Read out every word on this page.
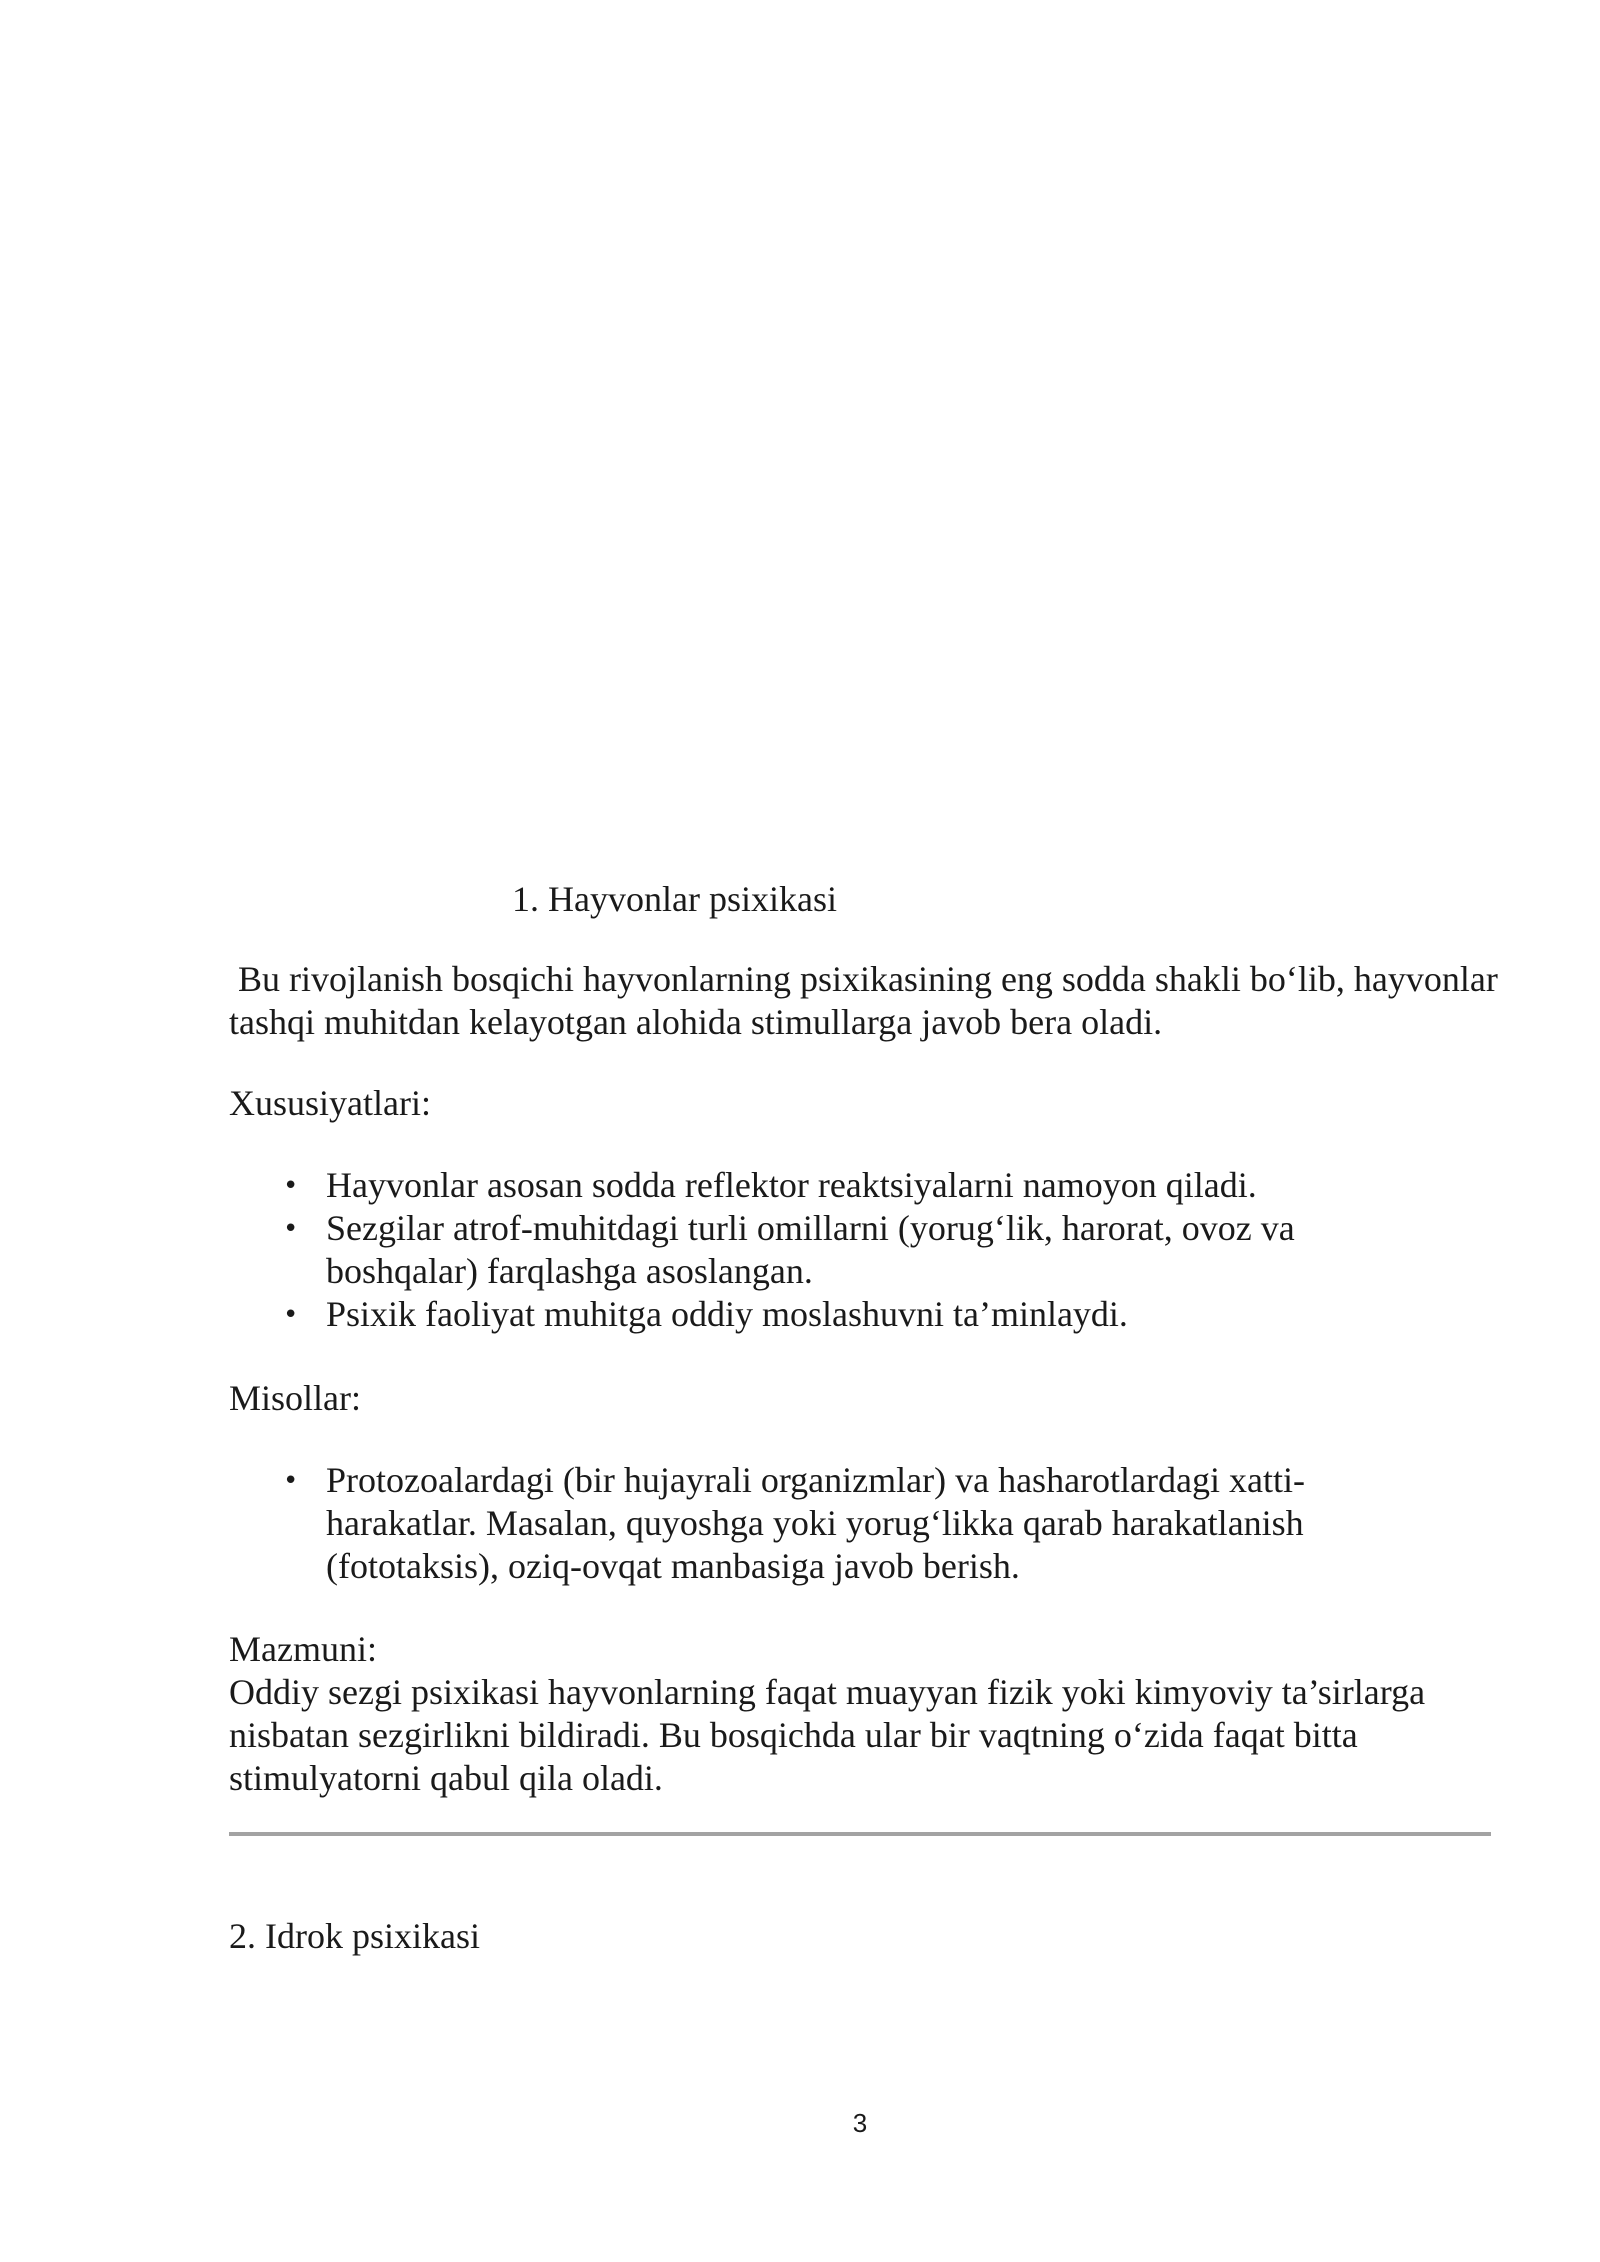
1. Hayvonlar psixikasi

Bu rivojlanish bosqichi hayvonlarning psixikasining eng sodda shakli bo‘lib, hayvonlar tashqi muhitdan kelayotgan alohida stimullarga javob bera oladi.

Xususiyatlari:

• Hayvonlar asosan sodda reflektor reaktsiyalarni namoyon qiladi.
• Sezgilar atrof-muhitdagi turli omillarni (yorug‘lik, harorat, ovoz va boshqalar) farqlashga asoslangan.
• Psixik faoliyat muhitga oddiy moslashuvni ta’minlaydi.

Misollar:

• Protozoalardagi (bir hujayrali organizmlar) va hasharotlardagi xatti-harakatlar. Masalan, quyoshga yoki yorug‘likka qarab harakatlanish (fototaksis), oziq-ovqat manbasiga javob berish.

Mazmuni:

Oddiy sezgi psixikasi hayvonlarning faqat muayyan fizik yoki kimyoviy ta’sirlarga nisbatan sezgirlikni bildiradi. Bu bosqichda ular bir vaqtning o‘zida faqat bitta stimulyatorni qabul qila oladi.

2. Idrok psixikasi

3
